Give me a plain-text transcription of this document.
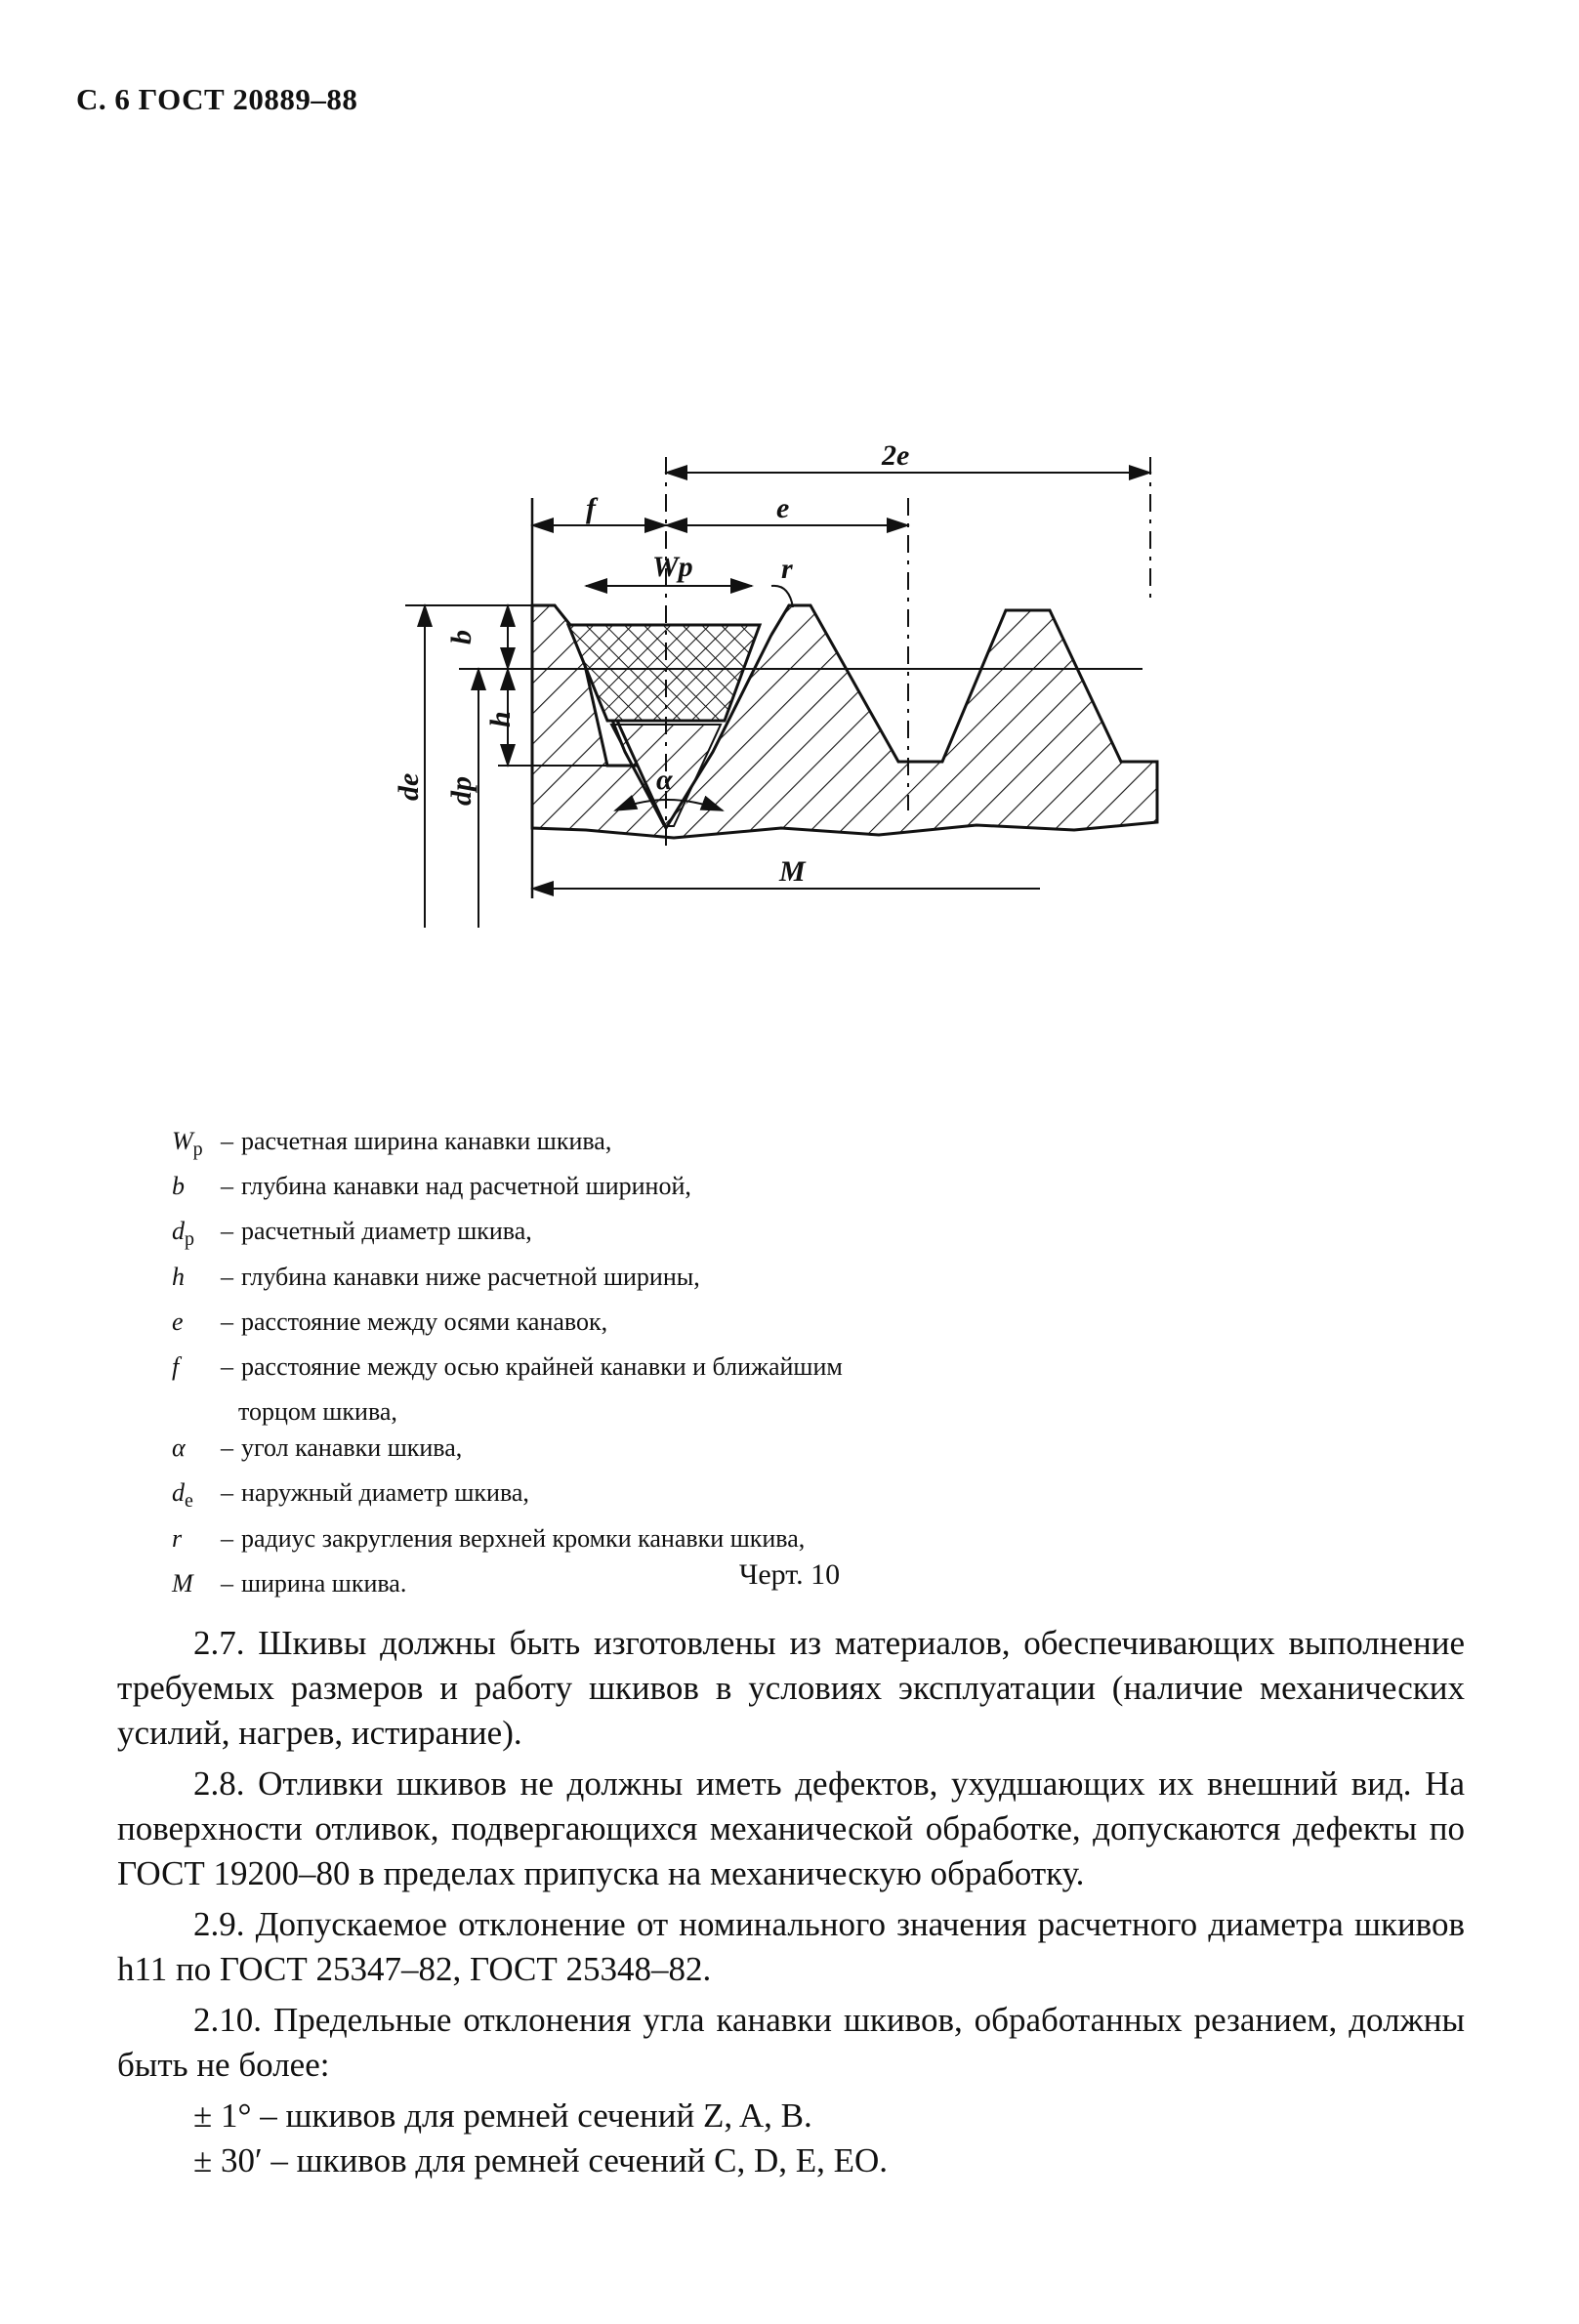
С. 6 ГОСТ 20889–88
2e
f	e
Wp	r
α
M
b
h
de dp
$W_р$ – расчетная ширина канавки шкива,
b – глубина канавки над расчетной шириной,
$d_р$ – расчетный диаметр шкива,
h – глубина канавки ниже рaсчетной ширины,
e – расстояние между осями канавок,
f – расстояние между осью крайней канавки и ближайшим
торцом шкива,
α – угол канавки шкива,
$d_е$ – наружный диаметр шкива,
r – радиус закругления верхней кромки канавки шкива,
M – ширина шкива.	Черт. 10

2.7. Шкивы должны быть изготовлены из материалов, обеспечивающих выполнение требуемых размеров и работу шкивов в условиях эксплуатации (наличие механических усилий, нагрев, истирание).

2.8. Отливки шкивов не должны иметь дефектов, ухудшающих их внешний вид. На поверхности отливок, подвергающихся механической обработке, допускаются дефекты по ГОСТ 19200–80 в пределах припуска на механическую обработку.

2.9. Допускаемое отклонение от номинального значения расчетного диаметра шкивов h11 по ГОСТ 25347–82, ГОСТ 25348–82.

2.10. Предельные отклонения угла канавки шкивов, обработанных резанием, должны быть не более:

± 1° – шкивов для ремней сечений Z, A, B.

± 30′ – шкивов для ремней сечений C, D, E, EO.
